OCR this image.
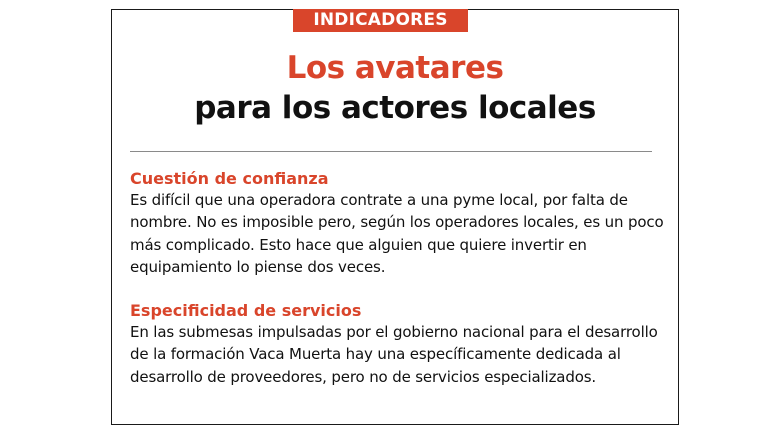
INDICADORES
Los avatares
para los actores locales
Cuestión de confianza

Es difícil que una operadora contrate a una pyme local, por falta de nombre. No es imposible pero, según los operadores locales, es un poco más complicado. Esto hace que alguien que quiere invertir en equipamiento lo piense dos veces.

Especificidad de servicios

En las submesas impulsadas por el gobierno nacional para el desarrollo de la formación Vaca Muerta hay una específicamente dedicada al desarrollo de proveedores, pero no de servicios especializados.
